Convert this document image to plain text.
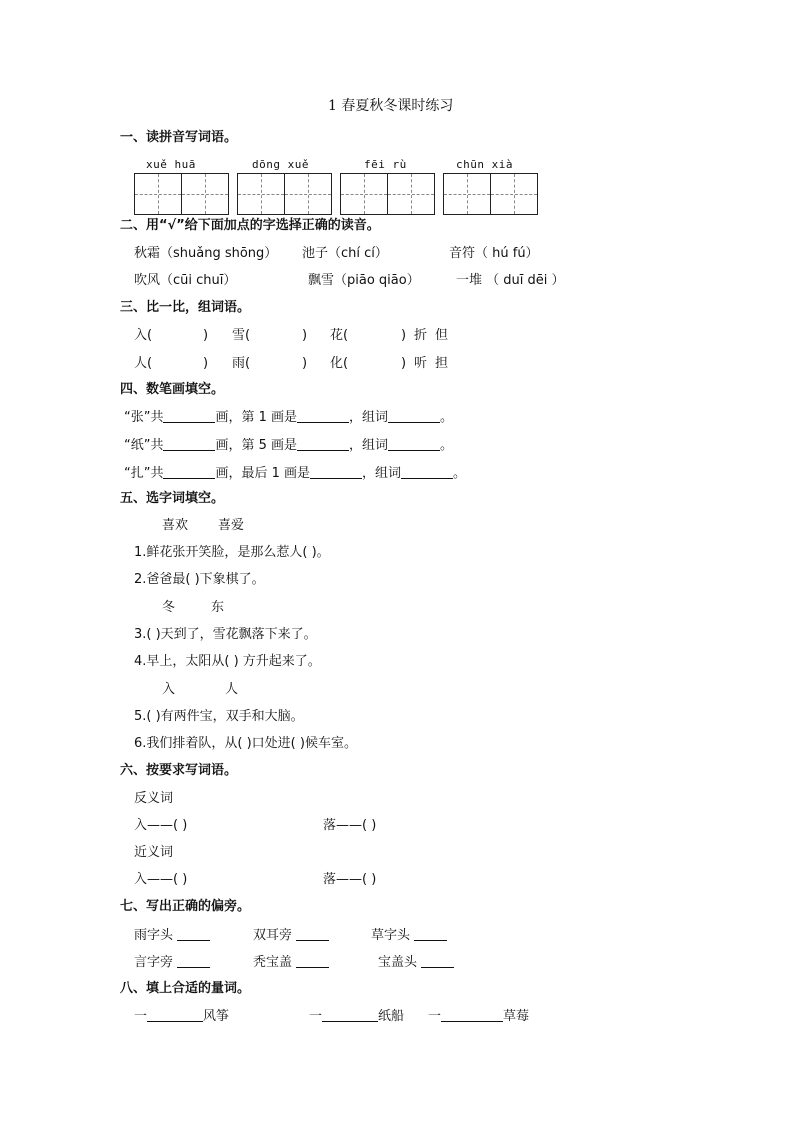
1 春夏秋冬课时练习
一、读拼音写词语。
xuě huā	dōng xuě	fēi rù	chūn xià
二、用“√”给下面加点的字选择正确的读音。
秋霜（shuǎng shōng） 池子（chí cí）	音符（ hú fú）
吹风（cūi chuī）	飘雪（piāo qiāo）	一堆 （ duī dēi ）
三、比一比，组词语。
入(	) 雪(	) 花(	) 折 但
人(	) 雨(	) 化(	) 听 担
四、数笔画填空。
“张”共	画，第 1 画是	，组词	。
“纸”共	画，第 5 画是	，组词	。
“扎”共	画，最后 1 画是	，组词	。
五、选字词填空。
喜欢 喜爱
1.鲜花张开笑脸，是那么惹人( )。
2.爸爸最( )下象棋了。
冬	东
3.( )天到了，雪花飘落下来了。
4.早上，太阳从( ) 方升起来了。
入	人
5.( )有两件宝，双手和大脑。
6.我们排着队，从( )口处进( )候车室。
六、按要求写词语。
反义词
入——( )	落——( )
近义词
入——( )	落——( )
七、写出正确的偏旁。
雨字头	双耳旁	草字头
言字旁	秃宝盖	宝盖头
八、填上合适的量词。
一	风筝	一	纸船 一	草莓
